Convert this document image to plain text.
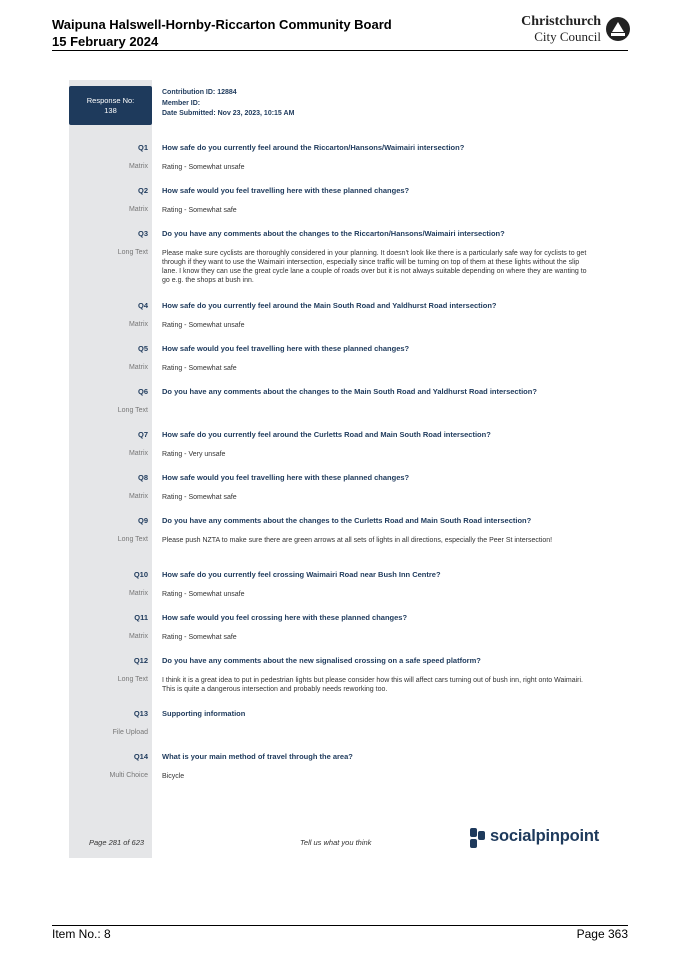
Waipuna Halswell-Hornby-Riccarton Community Board
15 February 2024
Christchurch
City Council
Response No:
138
Contribution ID: 12884
Member ID:
Date Submitted: Nov 23, 2023, 10:15 AM
Q1 How safe do you currently feel around the Riccarton/Hansons/Waimairi intersection?
Matrix Rating - Somewhat unsafe
Q2 How safe would you feel travelling here with these planned changes?
Matrix Rating - Somewhat safe
Q3 Do you have any comments about the changes to the Riccarton/Hansons/Waimairi intersection?
Long Text Please make sure cyclists are thoroughly considered in your planning. It doesn't look like there is a particularly safe way for cyclists to get through if they want to use the Waimairi intersection, especially since traffic will be turning on top of them at these lights without the slip lane. I know they can use the great cycle lane a couple of roads over but it is not always suitable depending on where they are wanting to go e.g. the shops at bush inn.
Q4 How safe do you currently feel around the Main South Road and Yaldhurst Road intersection?
Matrix Rating - Somewhat unsafe
Q5 How safe would you feel travelling here with these planned changes?
Matrix Rating - Somewhat safe
Q6 Do you have any comments about the changes to the Main South Road and Yaldhurst Road intersection?
Long Text
Q7 How safe do you currently feel around the Curletts Road and Main South Road intersection?
Matrix Rating - Very unsafe
Q8 How safe would you feel travelling here with these planned changes?
Matrix Rating - Somewhat safe
Q9 Do you have any comments about the changes to the Curletts Road and Main South Road intersection?
Long Text Please push NZTA to make sure there are green arrows at all sets of lights in all directions, especially the Peer St intersection!
Q10 How safe do you currently feel crossing Waimairi Road near Bush Inn Centre?
Matrix Rating - Somewhat unsafe
Q11 How safe would you feel crossing here with these planned changes?
Matrix Rating - Somewhat safe
Q12 Do you have any comments about the new signalised crossing on a safe speed platform?
Long Text I think it is a great idea to put in pedestrian lights but please consider how this will affect cars turning out of bush inn, right onto Waimairi. This is quite a dangerous intersection and probably needs reworking too.
Q13 Supporting information
File Upload
Q14 What is your main method of travel through the area?
Multi Choice Bicycle
Page 281 of 623	Tell us what you think	socialpinpoint
Item No.: 8	Page 363
